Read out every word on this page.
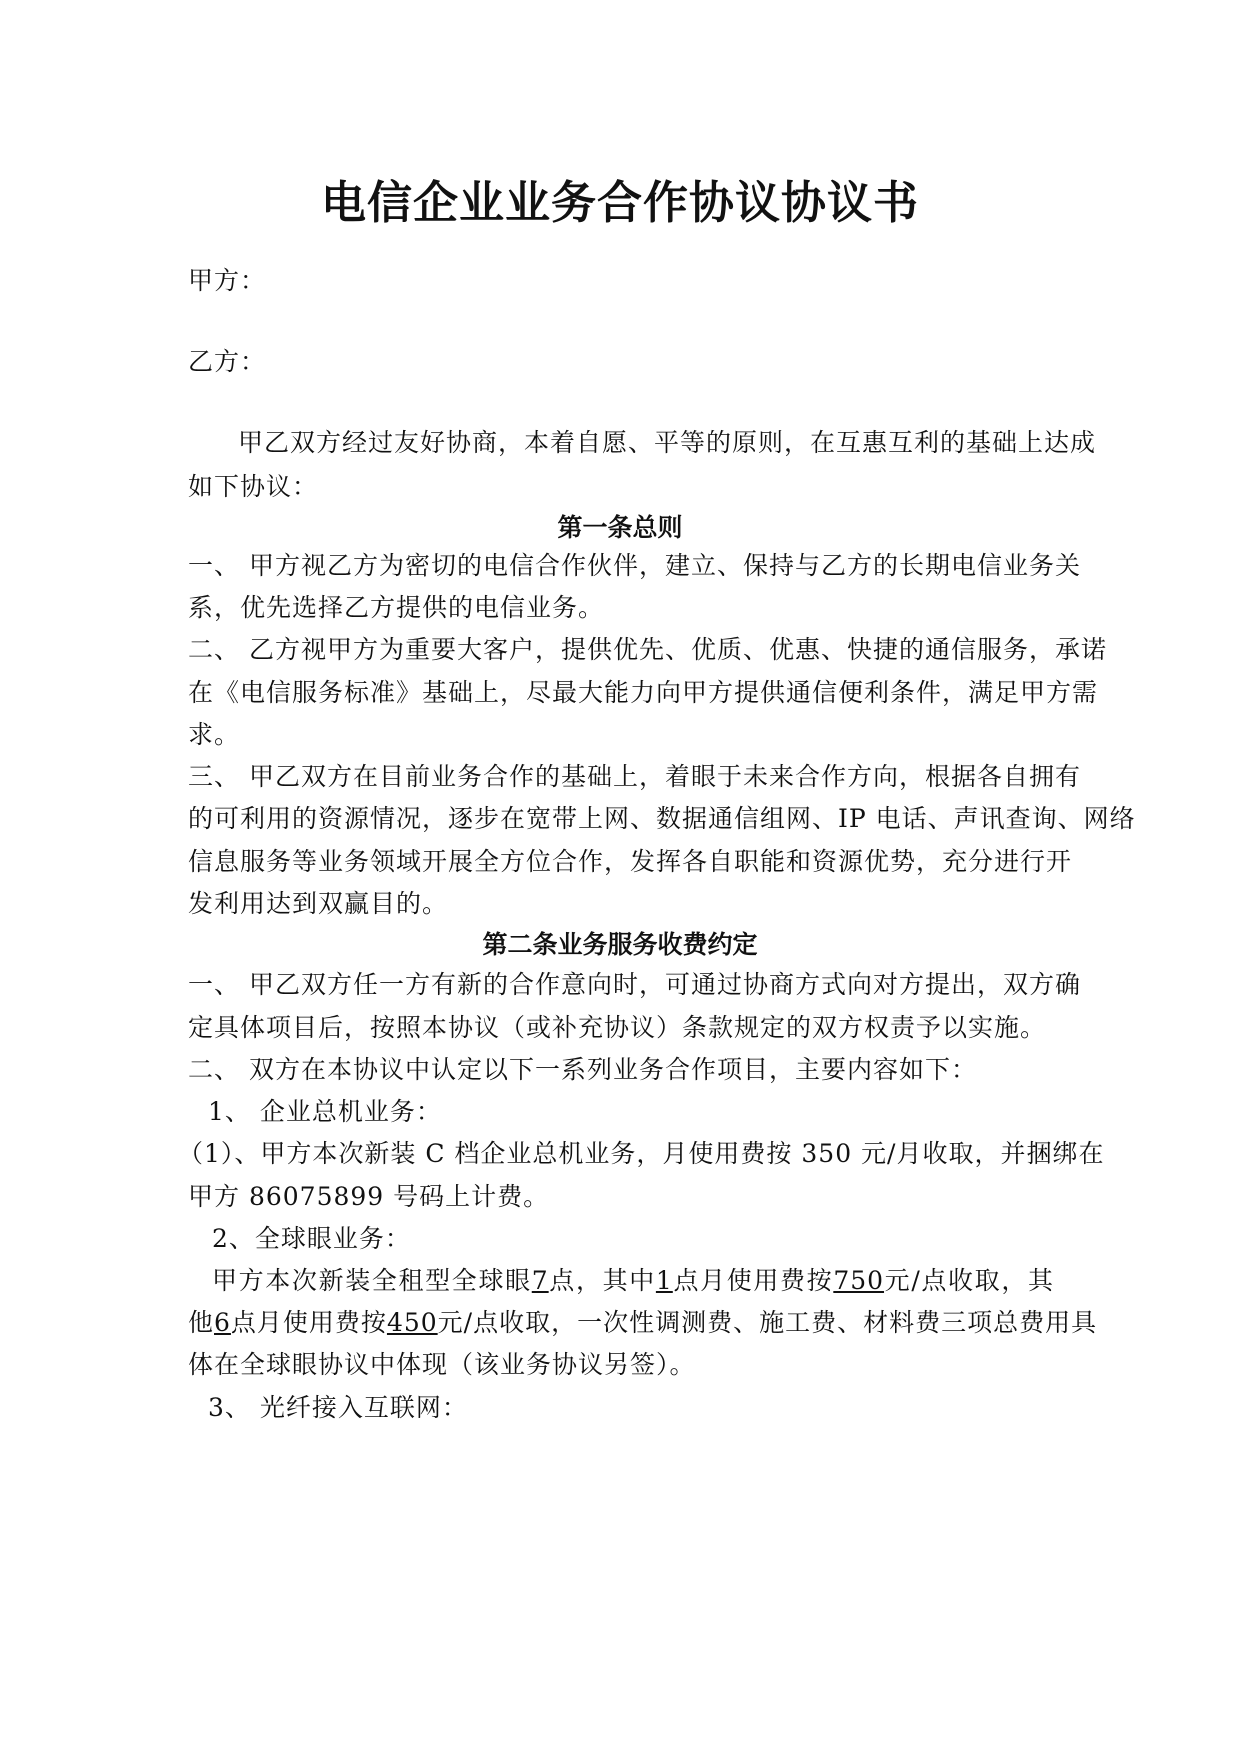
电信企业业务合作协议协议书
甲方：
乙方：
甲乙双方经过友好协商，本着自愿、平等的原则，在互惠互利的基础上达成
如下协议：
第一条总则
一、 甲方视乙方为密切的电信合作伙伴，建立、保持与乙方的长期电信业务关
系，优先选择乙方提供的电信业务。
二、 乙方视甲方为重要大客户，提供优先、优质、优惠、快捷的通信服务，承诺
在《电信服务标准》基础上，尽最大能力向甲方提供通信便利条件，满足甲方需
求。
三、 甲乙双方在目前业务合作的基础上，着眼于未来合作方向，根据各自拥有
的可利用的资源情况，逐步在宽带上网、数据通信组网、IP 电话、声讯查询、网络
信息服务等业务领域开展全方位合作，发挥各自职能和资源优势，充分进行开
发利用达到双赢目的。
第二条业务服务收费约定
一、 甲乙双方任一方有新的合作意向时，可通过协商方式向对方提出，双方确
定具体项目后，按照本协议（或补充协议）条款规定的双方权责予以实施。
二、 双方在本协议中认定以下一系列业务合作项目，主要内容如下：
1、 企业总机业务：
（1）、甲方本次新装 C 档企业总机业务，月使用费按 350 元/月收取，并捆绑在
甲方 86075899 号码上计费。
2、全球眼业务：
甲方本次新装全租型全球眼7点，其中1点月使用费按750元/点收取，其
他6点月使用费按450元/点收取，一次性调测费、施工费、材料费三项总费用具
体在全球眼协议中体现（该业务协议另签）。
3、 光纤接入互联网：
